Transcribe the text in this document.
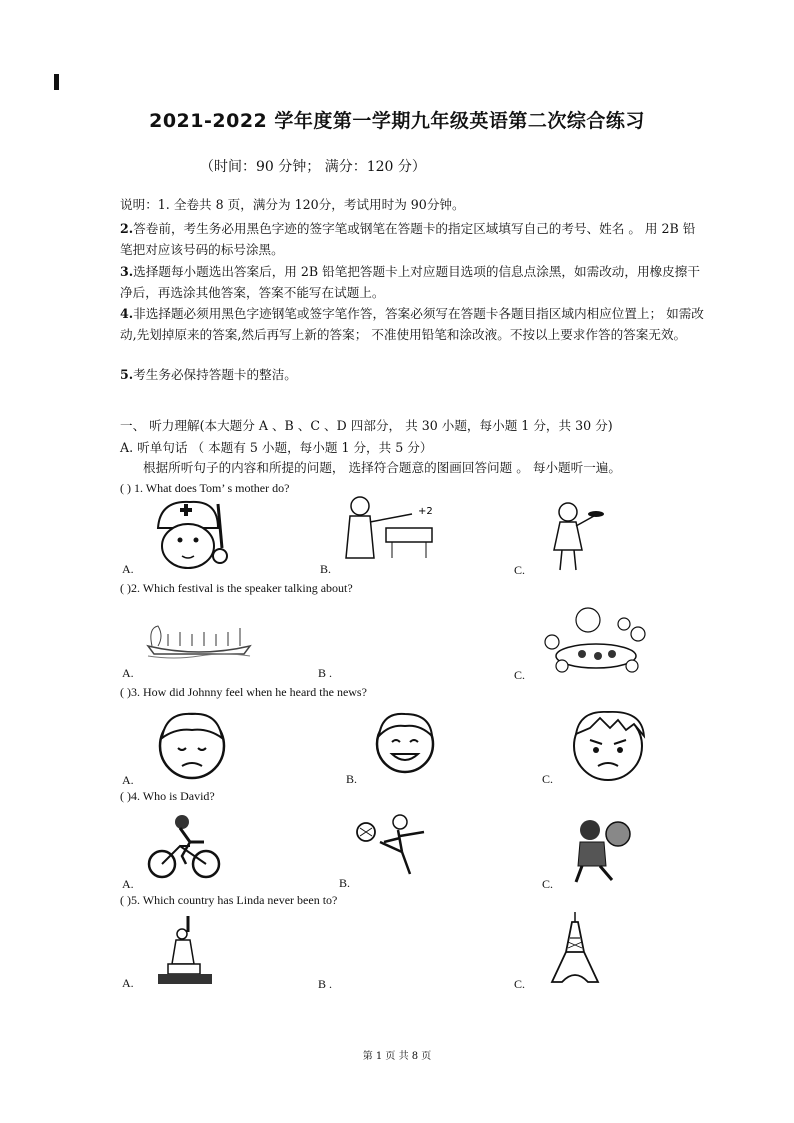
2021-2022 学年度第一学期九年级英语第二次综合练习
（时间：90 分钟； 满分：120 分）
说明：1. 全卷共 8 页，满分为 120分，考试用时为 90分钟。
2.答卷前，考生务必用黑色字迹的签字笔或钢笔在答题卡的指定区域填写自己的考号、姓名 。 用 2B 铅笔把对应该号码的标号涂黑。
3.选择题每小题选出答案后，用 2B 铅笔把答题卡上对应题目选项的信息点涂黑，如需改动，用橡皮擦干净后，再选涂其他答案，答案不能写在试题上。
4.非选择题必须用黑色字迹钢笔或签字笔作答，答案必须写在答题卡各题目指区域内相应位置上； 如需改动,先划掉原来的答案,然后再写上新的答案； 不准使用铅笔和涂改液。不按以上要求作答的答案无效。
5.考生务必保持答题卡的整洁。
一、 听力理解(本大题分 A 、B 、C 、D 四部分， 共 30 小题，每小题 1 分，共 30 分)
A. 听单句话 （ 本题有 5 小题，每小题 1 分，共 5 分）
根据所听句子的内容和所提的问题， 选择符合题意的图画回答问题 。 每小题听一遍。
( ) 1. What does Tom’ s mother do?
+2
A.	B.	C.
( )2. Which festival is the speaker talking about?
A.	B .	C.
( )3. How did Johnny feel when he heard the news?
A.	B.	C.
( )4. Who is David?
A.	B.	C.
( )5. Which country has Linda never been to?
A.	B .	C.
第 1 页 共 8 页
